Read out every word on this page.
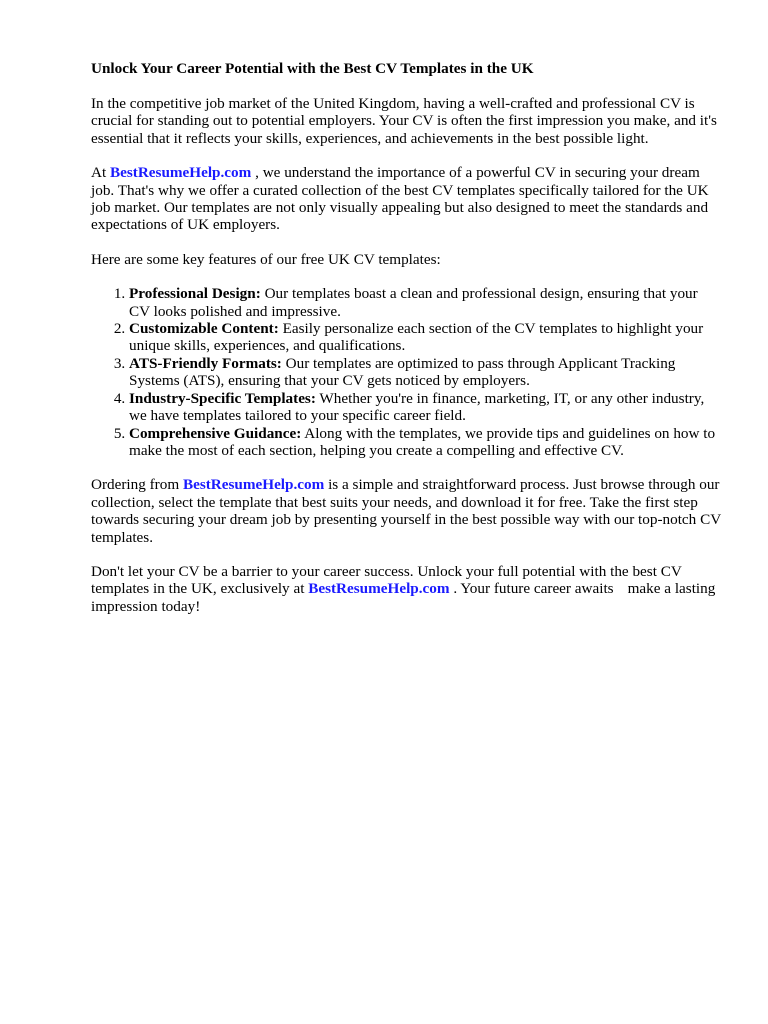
Unlock Your Career Potential with the Best CV Templates in the UK

In the competitive job market of the United Kingdom, having a well-crafted and professional CV is crucial for standing out to potential employers. Your CV is often the first impression you make, and it's essential that it reflects your skills, experiences, and achievements in the best possible light.

At BestResumeHelp.com , we understand the importance of a powerful CV in securing your dream job. That's why we offer a curated collection of the best CV templates specifically tailored for the UK job market. Our templates are not only visually appealing but also designed to meet the standards and expectations of UK employers.

Here are some key features of our free UK CV templates:

1. Professional Design: Our templates boast a clean and professional design, ensuring that your CV looks polished and impressive.
2. Customizable Content: Easily personalize each section of the CV templates to highlight your unique skills, experiences, and qualifications.
3. ATS-Friendly Formats: Our templates are optimized to pass through Applicant Tracking Systems (ATS), ensuring that your CV gets noticed by employers.
4. Industry-Specific Templates: Whether you're in finance, marketing, IT, or any other industry, we have templates tailored to your specific career field.
5. Comprehensive Guidance: Along with the templates, we provide tips and guidelines on how to make the most of each section, helping you create a compelling and effective CV.

Ordering from BestResumeHelp.com is a simple and straightforward process. Just browse through our collection, select the template that best suits your needs, and download it for free. Take the first step towards securing your dream job by presenting yourself in the best possible way with our top-notch CV templates.

Don't let your CV be a barrier to your career success. Unlock your full potential with the best CV templates in the UK, exclusively at BestResumeHelp.com . Your future career awaits make a lasting impression today!
